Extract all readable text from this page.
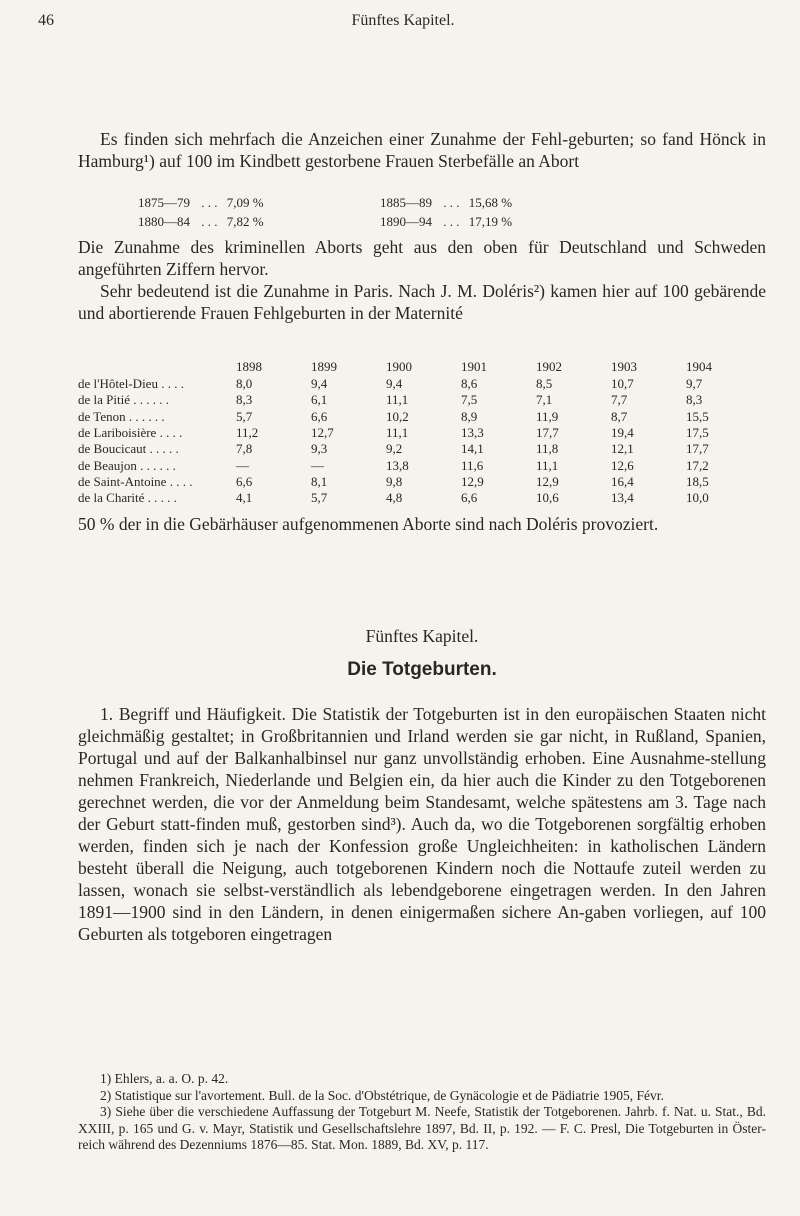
46	Fünftes Kapitel.
Es finden sich mehrfach die Anzeichen einer Zunahme der Fehl-geburten; so fand Hönck in Hamburg¹) auf 100 im Kindbett gestorbene Frauen Sterbefälle an Abort
1875—79 . . . 7,09 %	1885—89 . . . 15,68 %
1880—84 . . . 7,82 %	1890—94 . . . 17,19 %
Die Zunahme des kriminellen Aborts geht aus den oben für Deutschland und Schweden angeführten Ziffern hervor.
Sehr bedeutend ist die Zunahme in Paris. Nach J. M. Doléris²) kamen hier auf 100 gebärende und abortierende Frauen Fehlgeburten in der Maternité
	1898	1899	1900	1901	1902	1903	1904
de l'Hôtel-Dieu . . . .	8,0	9,4	9,4	8,6	8,5	10,7	9,7
de la Pitié . . . . . .	8,3	6,1	11,1	7,5	7,1	7,7	8,3
de Tenon . . . . . .	5,7	6,6	10,2	8,9	11,9	8,7	15,5
de Lariboisière . . . .	11,2	12,7	11,1	13,3	17,7	19,4	17,5
de Boucicaut . . . . .	7,8	9,3	9,2	14,1	11,8	12,1	17,7
de Beaujon . . . . . .	—	—	13,8	11,6	11,1	12,6	17,2
de Saint-Antoine . . . .	6,6	8,1	9,8	12,9	12,9	16,4	18,5
de la Charité . . . . .	4,1	5,7	4,8	6,6	10,6	13,4	10,0
50 % der in die Gebärhäuser aufgenommenen Aborte sind nach Doléris provoziert.
Fünftes Kapitel.
Die Totgeburten.
1. Begriff und Häufigkeit. Die Statistik der Totgeburten ist in den europäischen Staaten nicht gleichmäßig gestaltet; in Großbritannien und Irland werden sie gar nicht, in Rußland, Spanien, Portugal und auf der Balkanhalbinsel nur ganz unvollständig erhoben. Eine Ausnahme-stellung nehmen Frankreich, Niederlande und Belgien ein, da hier auch die Kinder zu den Totgeborenen gerechnet werden, die vor der Anmeldung beim Standesamt, welche spätestens am 3. Tage nach der Geburt statt-finden muß, gestorben sind³). Auch da, wo die Totgeborenen sorgfältig erhoben werden, finden sich je nach der Konfession große Ungleichheiten: in katholischen Ländern besteht überall die Neigung, auch totgeborenen Kindern noch die Nottaufe zuteil werden zu lassen, wonach sie selbst-verständlich als lebendgeborene eingetragen werden. In den Jahren 1891—1900 sind in den Ländern, in denen einigermaßen sichere An-gaben vorliegen, auf 100 Geburten als totgeboren eingetragen

1) Ehlers, a. a. O. p. 42.

2) Statistique sur l'avortement. Bull. de la Soc. d'Obstétrique, de Gynäcologie et de Pädiatrie 1905, Févr.

3) Siehe über die verschiedene Auffassung der Totgeburt M. Neefe, Statistik der Totgeborenen. Jahrb. f. Nat. u. Stat., Bd. XXIII, p. 165 und G. v. Mayr, Statistik und Gesellschaftslehre 1897, Bd. II, p. 192. — F. C. Presl, Die Totgeburten in Öster-reich während des Dezenniums 1876—85. Stat. Mon. 1889, Bd. XV, p. 117.
